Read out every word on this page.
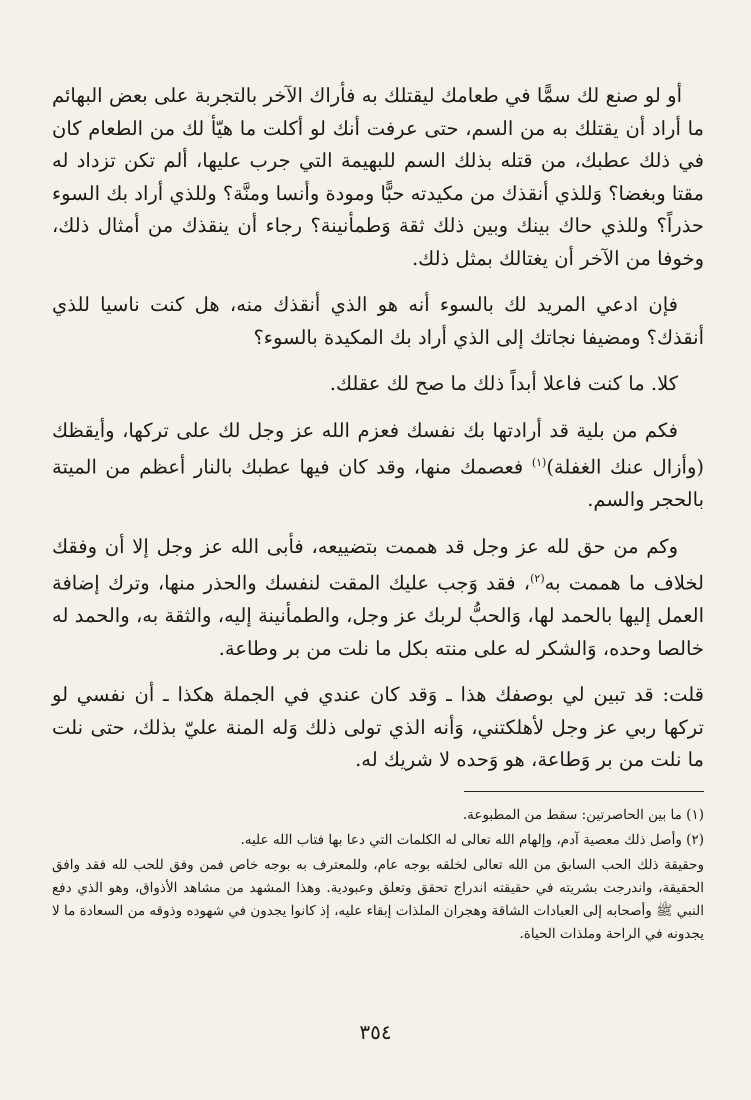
أو لو صنع لك سمًّا في طعامك ليقتلك به فأراك الآخر بالتجربة على بعض البهائم ما أراد أن يقتلك به من السم، حتى عرفت أنك لو أكلت ما هيّأ لك من الطعام كان في ذلك عطبك، من قتله بذلك السم للبهيمة التي جرب عليها، ألم تكن تزداد له مقتا وبغضا؟ وَللذي أنقذك من مكيدته حبًّا ومودة وأنسا ومنَّة؟ وللذي أراد بك السوء حذراً؟ وللذي حاك بينك وبين ذلك ثقة وَطمأنينة؟ رجاء أن ينقذك من أمثال ذلك، وخوفا من الآخر أن يغتالك بمثل ذلك.

فإن ادعي المريد لك بالسوء أنه هو الذي أنقذك منه، هل كنت ناسيا للذي أنقذك؟ ومضيفا نجاتك إلى الذي أراد بك المكيدة بالسوء؟

كلا. ما كنت فاعلا أبداً ذلك ما صح لك عقلك.

فكم من بلية قد أرادتها بك نفسك فعزم الله عز وجل لك على تركها، وأيقظك (وأزال عنك الغفلة)$^{(١)}$ فعصمك منها، وقد كان فيها عطبك بالنار أعظم من الميتة بالحجر والسم.

وكم من حق لله عز وجل قد هممت بتضييعه، فأبى الله عز وجل إلا أن وفقك لخلاف ما هممت به$^{(٢)}$، فقد وَجب عليك المقت لنفسك والحذر منها، وترك إضافة العمل إليها بالحمد لها، وَالحبُّ لربك عز وجل، والطمأنينة إليه، والثقة به، والحمد له خالصا وحده، وَالشكر له على منته بكل ما نلت من بر وطاعة.

قلت: قد تبين لي بوصفك هذا ـ وَقد كان عندي في الجملة هكذا ـ أن نفسي لو تركها ربي عز وجل لأهلكتني، وَأنه الذي تولى ذلك وَله المنة عليّ بذلك، حتى نلت ما نلت من بر وَطاعة، هو وَحده لا شريك له.

(١) ما بين الحاصرتين: سقط من المطبوعة.

(٢) وأصل ذلك معصية آدم، وإلهام الله تعالى له الكلمات التي دعا بها فتاب الله عليه.

وحقيقة ذلك الحب السابق من الله تعالى لخلقه بوجه عام، وللمعترف به بوجه خاص فمن وفق للحب لله فقد وافق الحقيقة، واندرجت بشريته في حقيقته اندراج تحقق وتعلق وعبودية. وهذا المشهد من مشاهد الأذواق، وهو الذي دفع النبي ﷺ وأصحابه إلى العبادات الشاقة وهجران الملذات إبقاء عليه، إذ كانوا يجدون في شهوده وذوقه من السعادة ما لا يجدونه في الراحة وملذات الحياة.

٣٥٤
